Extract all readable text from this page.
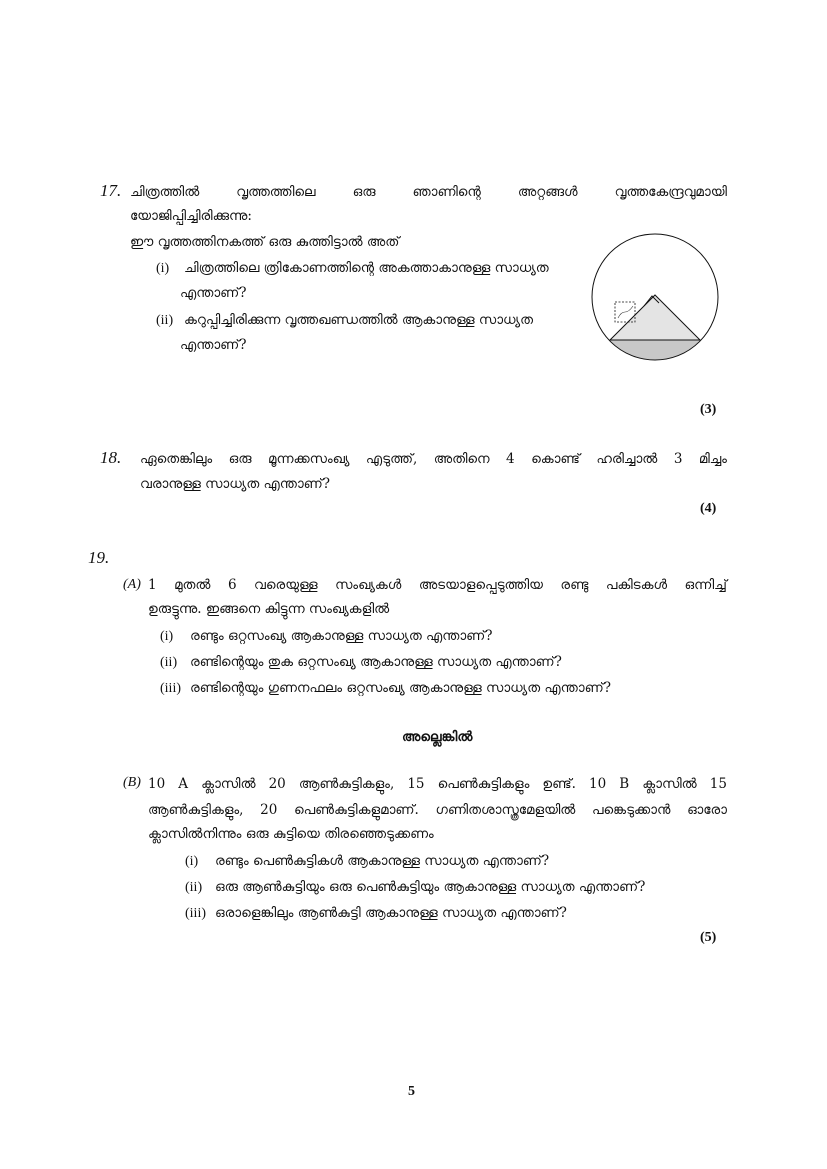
17. ചിത്രത്തിൽ	വൃത്തത്തിലെ	ഒരു	ഞാണിന്റെ	അറ്റങ്ങൾ	വൃത്തകേന്ദ്രവുമായി
യോജിപ്പിച്ചിരിക്കുന്നു:
ഈ വൃത്തത്തിനകത്ത് ഒരു കുത്തിട്ടാൽ അത്
(i)	ചിത്രത്തിലെ ത്രികോണത്തിന്റെ അകത്താകാനുള്ള സാധ്യത
എന്താണ്?
(ii) കറുപ്പിച്ചിരിക്കുന്ന വൃത്തഖണ്ഡത്തിൽ ആകാനുള്ള സാധ്യത
എന്താണ്?
(3)
18. ഏതെങ്കിലും ഒരു മൂന്നക്കസംഖ്യ എടുത്ത്, അതിനെ 4 കൊണ്ട് ഹരിച്ചാൽ 3 മിച്ചം
വരാനുള്ള സാധ്യത എന്താണ്?
(4)
19.
(A) 1 മുതൽ 6 വരെയുള്ള സംഖ്യകൾ അടയാളപ്പെടുത്തിയ രണ്ടു പകിടകൾ ഒന്നിച്ച്
ഉരുട്ടുന്നു. ഇങ്ങനെ കിട്ടുന്ന സംഖ്യകളിൽ
(i)	രണ്ടും ഒറ്റസംഖ്യ ആകാനുള്ള സാധ്യത എന്താണ്?
(ii) രണ്ടിന്റെയും തുക ഒറ്റസംഖ്യ ആകാനുള്ള സാധ്യത എന്താണ്?
(iii) രണ്ടിന്റെയും ഗുണനഫലം ഒറ്റസംഖ്യ ആകാനുള്ള സാധ്യത എന്താണ്?
അല്ലെങ്കിൽ
(B) 10 A ക്ലാസിൽ 20 ആൺകുട്ടികളും, 15 പെൺകുട്ടികളും ഉണ്ട്. 10 B ക്ലാസിൽ 15
ആൺകുട്ടികളും, 20 പെൺകുട്ടികളുമാണ്. ഗണിതശാസ്ത്രമേളയിൽ പങ്കെടുക്കാൻ ഓരോ
ക്ലാസിൽനിന്നും ഒരു കുട്ടിയെ തിരഞ്ഞെടുക്കണം
(i)	രണ്ടും പെൺകുട്ടികൾ ആകാനുള്ള സാധ്യത എന്താണ്?
(ii) ഒരു ആൺകുട്ടിയും ഒരു പെൺകുട്ടിയും ആകാനുള്ള സാധ്യത എന്താണ്?
(iii) ഒരാളെങ്കിലും ആൺകുട്ടി ആകാനുള്ള സാധ്യത എന്താണ്?
(5)
5
